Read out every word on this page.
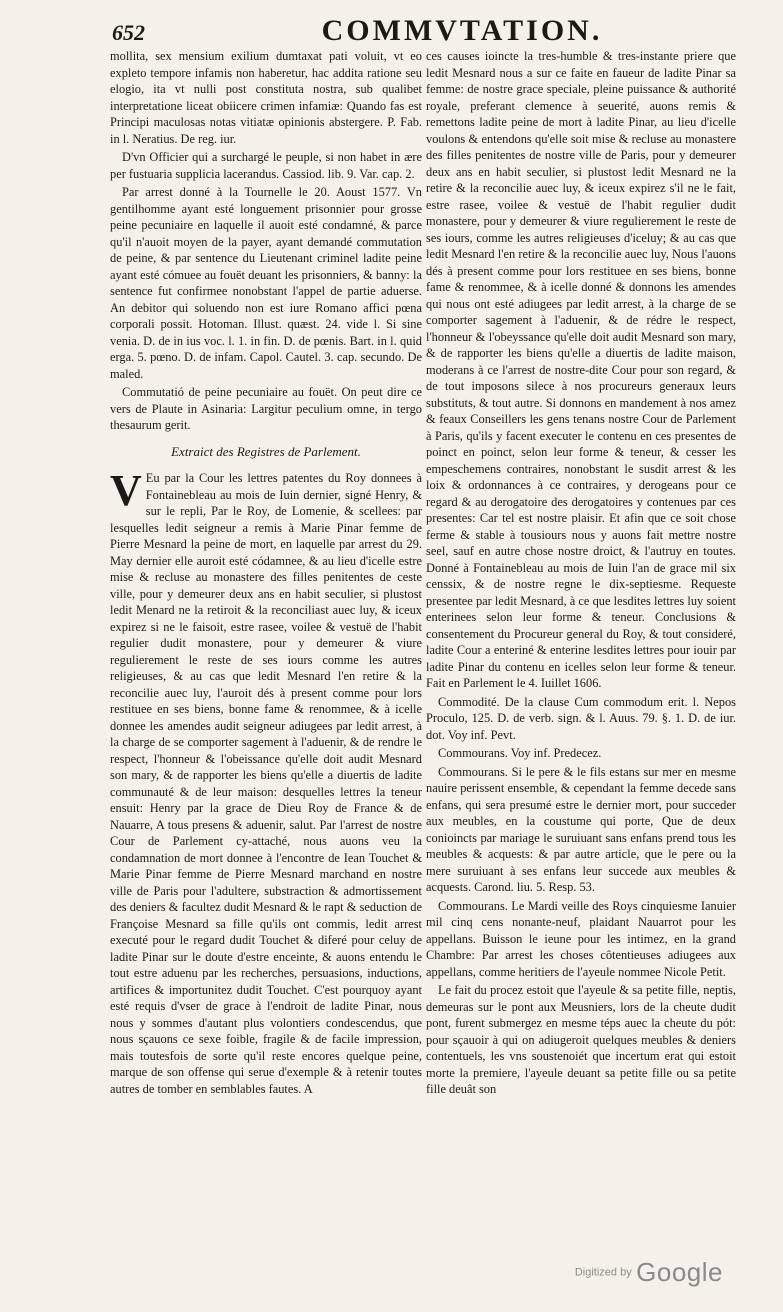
652	COMMVTATION.

mollita, sex mensium exilium dumtaxat pati voluit, vt eo expleto tempore infamis non haberetur, hac addita ratione seu elogio, ita vt nulli post constituta nostra, sub qualibet interpretatione liceat obiicere crimen infamiæ: Quando fas est Principi maculosas notas vitiatæ opinionis abstergere. P. Fab. in l. Neratius. De reg. iur.

D'vn Officier qui a surchargé le peuple, si non habet in ære per fustuaria supplicia lacerandus. Cassiod. lib. 9. Var. cap. 2.

Par arrest donné à la Tournelle le 20. Aoust 1577. Vn gentilhomme ayant esté longuement prisonnier pour grosse peine pecuniaire en laquelle il auoit esté condamné, & parce qu'il n'auoit moyen de la payer, ayant demandé commutation de peine, & par sentence du Lieutenant criminel ladite peine ayant esté cómuee au fouët deuant les prisonniers, & banny: la sentence fut confirmee nonobstant l'appel de partie aduerse. An debitor qui soluendo non est iure Romano affici pœna corporali possit. Hotoman. Illust. quæst. 24. vide l. Si sine venia. D. de in ius voc. l. 1. in fin. D. de pœnis. Bart. in l. quid erga. 5. pœno. D. de infam. Capol. Cautel. 3. cap. secundo. De maled.

Commutatió de peine pecuniaire au fouët. On peut dire ce vers de Plaute in Asinaria: Largitur peculium omne, in tergo thesaurum gerit.

Extraict des Registres de Parlement.

V Eu par la Cour les lettres patentes du Roy donnees à Fontainebleau au mois de Iuin dernier, signé Henry, & sur le repli, Par le Roy, de Lomenie, & scellees: par lesquelles ledit seigneur a remis à Marie Pinar femme de Pierre Mesnard la peine de mort, en laquelle par arrest du 29. May dernier elle auroit esté códamnee, & au lieu d'icelle estre mise & recluse au monastere des filles penitentes de ceste ville, pour y demeurer deux ans en habit seculier, si plustost ledit Menard ne la retiroit & la reconciliast auec luy, & iceux expirez si ne le faisoit, estre rasee, voilee & vestuë de l'habit regulier dudit monastere, pour y demeurer & viure regulierement le reste de ses iours comme les autres religieuses, & au cas que ledit Mesnard l'en retire & la reconcilie auec luy, l'auroit dés à present comme pour lors restituee en ses biens, bonne fame & renommee, & à icelle donnee les amendes audit seigneur adiugees par ledit arrest, à la charge de se comporter sagement à l'aduenir, & de rendre le respect, l'honneur & l'obeissance qu'elle doit audit Mesnard son mary, & de rapporter les biens qu'elle a diuertis de ladite communauté & de leur maison: desquelles lettres la teneur ensuit: Henry par la grace de Dieu Roy de France & de Nauarre, A tous presens & aduenir, salut. Par l'arrest de nostre Cour de Parlement cy-attaché, nous auons veu la condamnation de mort donnee à l'encontre de Iean Touchet & Marie Pinar femme de Pierre Mesnard marchand en nostre ville de Paris pour l'adultere, substraction & admortissement des deniers & facultez dudit Mesnard & le rapt & seduction de Françoise Mesnard sa fille qu'ils ont commis, ledit arrest executé pour le regard dudit Touchet & diferé pour celuy de ladite Pinar sur le doute d'estre enceinte, & auons entendu le tout estre aduenu par les recherches, persuasions, inductions, artifices & importunitez dudit Touchet. C'est pourquoy ayant esté requis d'vser de grace à l'endroit de ladite Pinar, nous nous y sommes d'autant plus volontiers condescendus, que nous sçauons ce sexe foible, fragile & de facile impression, mais toutesfois de sorte qu'il reste encores quelque peine, marque de son offense qui serue d'exemple & à retenir toutes autres de tomber en semblables fautes. A

ces causes ioincte la tres-humble & tres-instante priere que ledit Mesnard nous a sur ce faite en faueur de ladite Pinar sa femme: de nostre grace speciale, pleine puissance & authorité royale, preferant clemence à seuerité, auons remis & remettons ladite peine de mort à ladite Pinar, au lieu d'icelle voulons & entendons qu'elle soit mise & recluse au monastere des filles penitentes de nostre ville de Paris, pour y demeurer deux ans en habit seculier, si plustost ledit Mesnard ne la retire & la reconcilie auec luy, & iceux expirez s'il ne le fait, estre rasee, voilee & vestuë de l'habit regulier dudit monastere, pour y demeurer & viure regulierement le reste de ses iours, comme les autres religieuses d'iceluy; & au cas que ledit Mesnard l'en retire & la reconcilie auec luy, Nous l'auons dés à present comme pour lors restituee en ses biens, bonne fame & renommee, & à icelle donné & donnons les amendes qui nous ont esté adiugees par ledit arrest, à la charge de se comporter sagement à l'aduenir, & de rédre le respect, l'honneur & l'obeyssance qu'elle doit audit Mesnard son mary, & de rapporter les biens qu'elle a diuertis de ladite maison, moderans à ce l'arrest de nostre-dite Cour pour son regard, & de tout imposons silece à nos procureurs generaux leurs substituts, & tout autre. Si donnons en mandement à nos amez & feaux Conseillers les gens tenans nostre Cour de Parlement à Paris, qu'ils y facent executer le contenu en ces presentes de poinct en poinct, selon leur forme & teneur, & cesser les empeschemens contraires, nonobstant le susdit arrest & les loix & ordonnances à ce contraires, y derogeans pour ce regard & au derogatoire des derogatoires y contenues par ces presentes: Car tel est nostre plaisir. Et afin que ce soit chose ferme & stable à tousiours nous y auons fait mettre nostre seel, sauf en autre chose nostre droict, & l'autruy en toutes. Donné à Fontainebleau au mois de Iuin l'an de grace mil six censsix, & de nostre regne le dix-septiesme. Requeste presentee par ledit Mesnard, à ce que lesdites lettres luy soient enterinees selon leur forme & teneur. Conclusions & consentement du Procureur general du Roy, & tout consideré, ladite Cour a enteriné & enterine lesdites lettres pour iouir par ladite Pinar du contenu en icelles selon leur forme & teneur. Fait en Parlement le 4. Iuillet 1606.

Commodité. De la clause Cum commodum erit. l. Nepos Proculo, 125. D. de verb. sign. & l. Auus. 79. §. 1. D. de iur. dot. Voy inf. Pevt.

Commourans. Voy inf. Predecez.

Commourans. Si le pere & le fils estans sur mer en mesme nauire perissent ensemble, & cependant la femme decede sans enfans, qui sera presumé estre le dernier mort, pour succeder aux meubles, en la coustume qui porte, Que de deux conioincts par mariage le suruiuant sans enfans prend tous les meubles & acquests: & par autre article, que le pere ou la mere suruiuant à ses enfans leur succede aux meubles & acquests. Carond. liu. 5. Resp. 53.

Commourans. Le Mardi veille des Roys cinquiesme Ianuier mil cinq cens nonante-neuf, plaidant Nauarrot pour les appellans. Buisson le ieune pour les intimez, en la grand Chambre: Par arrest les choses côtentieuses adiugees aux appellans, comme heritiers de l'ayeule nommee Nicole Petit.

Le fait du procez estoit que l'ayeule & sa petite fille, neptis, demeuras sur le pont aux Meusniers, lors de la cheute dudit pont, furent submergez en mesme téps auec la cheute du pót: pour sçauoir à qui on adiugeroit quelques meubles & deniers contentuels, les vns soustenoiét que incertum erat qui estoit morte la premiere, l'ayeule deuant sa petite fille ou sa petite fille deuât son

Digitized by Google
